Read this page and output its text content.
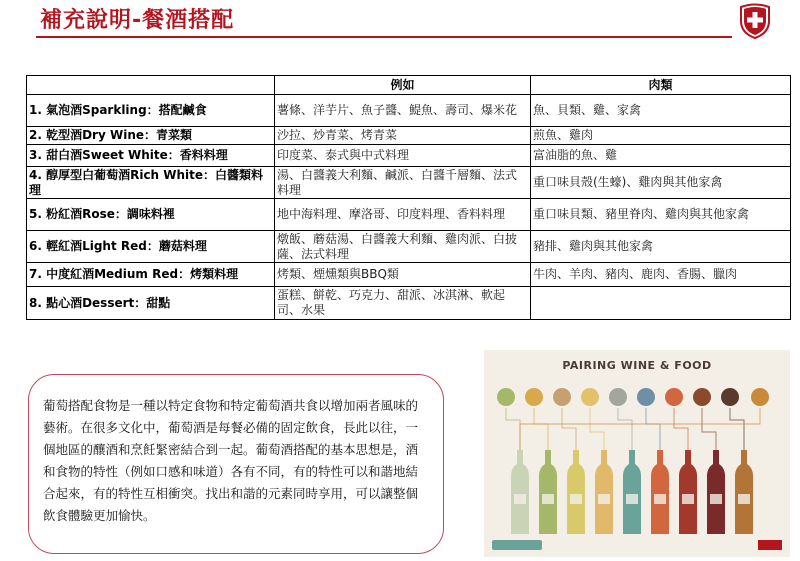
補充說明-餐酒搭配
	例如	肉類
1. 氣泡酒Sparkling：搭配鹹食	薯條、洋芋片、魚子醬、鯷魚、壽司、爆米花	魚、貝類、雞、家禽
2. 乾型酒Dry Wine：青菜類	沙拉、炒青菜、烤青菜	煎魚、雞肉
3. 甜白酒Sweet White：香料料理	印度菜、泰式與中式料理	富油脂的魚、雞
4. 醇厚型白葡萄酒Rich White：白醬類料理	湯、白醬義大利麵、鹹派、白醬千層麵、法式料理	重口味貝殼(生蠔)、雞肉與其他家禽
5. 粉紅酒Rose：調味料裡	地中海料理、摩洛哥、印度料理、香料料理	重口味貝類、豬里脊肉、雞肉與其他家禽
6. 輕紅酒Light Red：蘑菇料理	燉飯、蘑菇湯、白醬義大利麵、雞肉派、白披薩、法式料理	豬排、雞肉與其他家禽
7. 中度紅酒Medium Red：烤類料理	烤類、煙燻類與BBQ類	牛肉、羊肉、豬肉、鹿肉、香腸、臘肉
8. 點心酒Dessert：甜點	蛋糕、餅乾、巧克力、甜派、冰淇淋、軟起司、水果	
葡萄搭配食物是一種以特定食物和特定葡萄酒共食以增加兩者風味的藝術。在很多文化中，葡萄酒是每餐必備的固定飲食，長此以往，一個地區的釀酒和烹飪緊密結合到一起。葡萄酒搭配的基本思想是，酒和食物的特性（例如口感和味道）各有不同，有的特性可以和諧地結合起來，有的特性互相衝突。找出和諧的元素同時享用，可以讓整個飲食體驗更加愉快。
PAIRING WINE & FOOD
